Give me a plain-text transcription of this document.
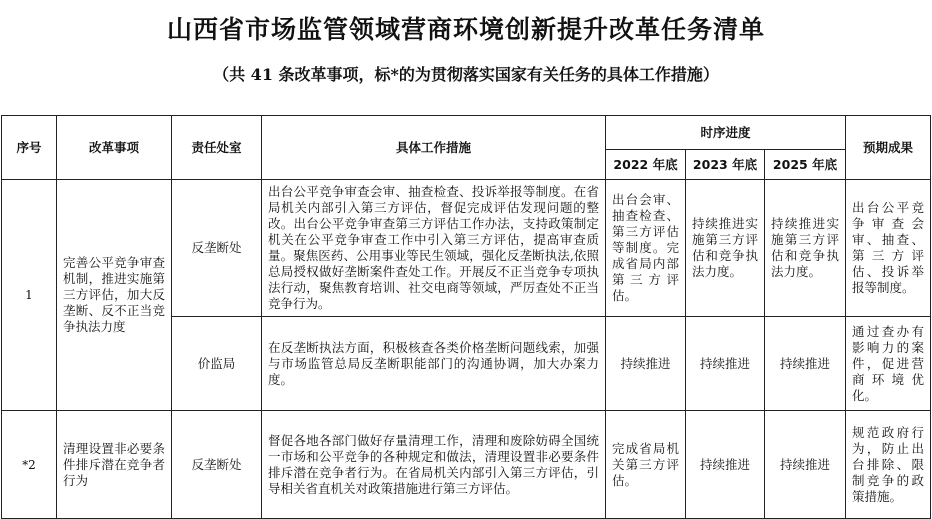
山西省市场监管领域营商环境创新提升改革任务清单
（共 41 条改革事项，标*的为贯彻落实国家有关任务的具体工作措施）
序号	改革事项	责任处室	具体工作措施	时序进度			预期成果
				2022 年底	2023 年底	2025 年底	
1	完善公平竞争审查机制，推进实施第三方评估，加大反垄断、反不正当竞争执法力度	反垄断处	出台公平竞争审查会审、抽查检查、投诉举报等制度。在省局机关内部引入第三方评估，督促完成评估发现问题的整改。出台公平竞争审查第三方评估工作办法，支持政策制定机关在公平竞争审查工作中引入第三方评估，提高审查质量。聚焦医药、公用事业等民生领域，强化反垄断执法,依照总局授权做好垄断案件查处工作。开展反不正当竞争专项执法行动，聚焦教育培训、社交电商等领域，严厉查处不正当竞争行为。	出台会审、抽查检查、第三方评估等制度。完成省局内部第三方评估。	持续推进实施第三方评估和竞争执法力度。	持续推进实施第三方评估和竞争执法力度。	出台公平竞争审查会审、抽查、第三方评估、投诉举报等制度。
		价监局	在反垄断执法方面，积极核查各类价格垄断问题线索，加强与市场监管总局反垄断职能部门的沟通协调，加大办案力度。	持续推进	持续推进	持续推进	通过查办有影响力的案件，促进营商环境优化。
*2	清理设置非必要条件排斥潜在竞争者行为	反垄断处	督促各地各部门做好存量清理工作，清理和废除妨碍全国统一市场和公平竞争的各种规定和做法，清理设置非必要条件排斥潜在竞争者行为。在省局机关内部引入第三方评估，引导相关省直机关对政策措施进行第三方评估。	完成省局机关第三方评估。	持续推进	持续推进	规范政府行为，防止出台排除、限制竞争的政策措施。
